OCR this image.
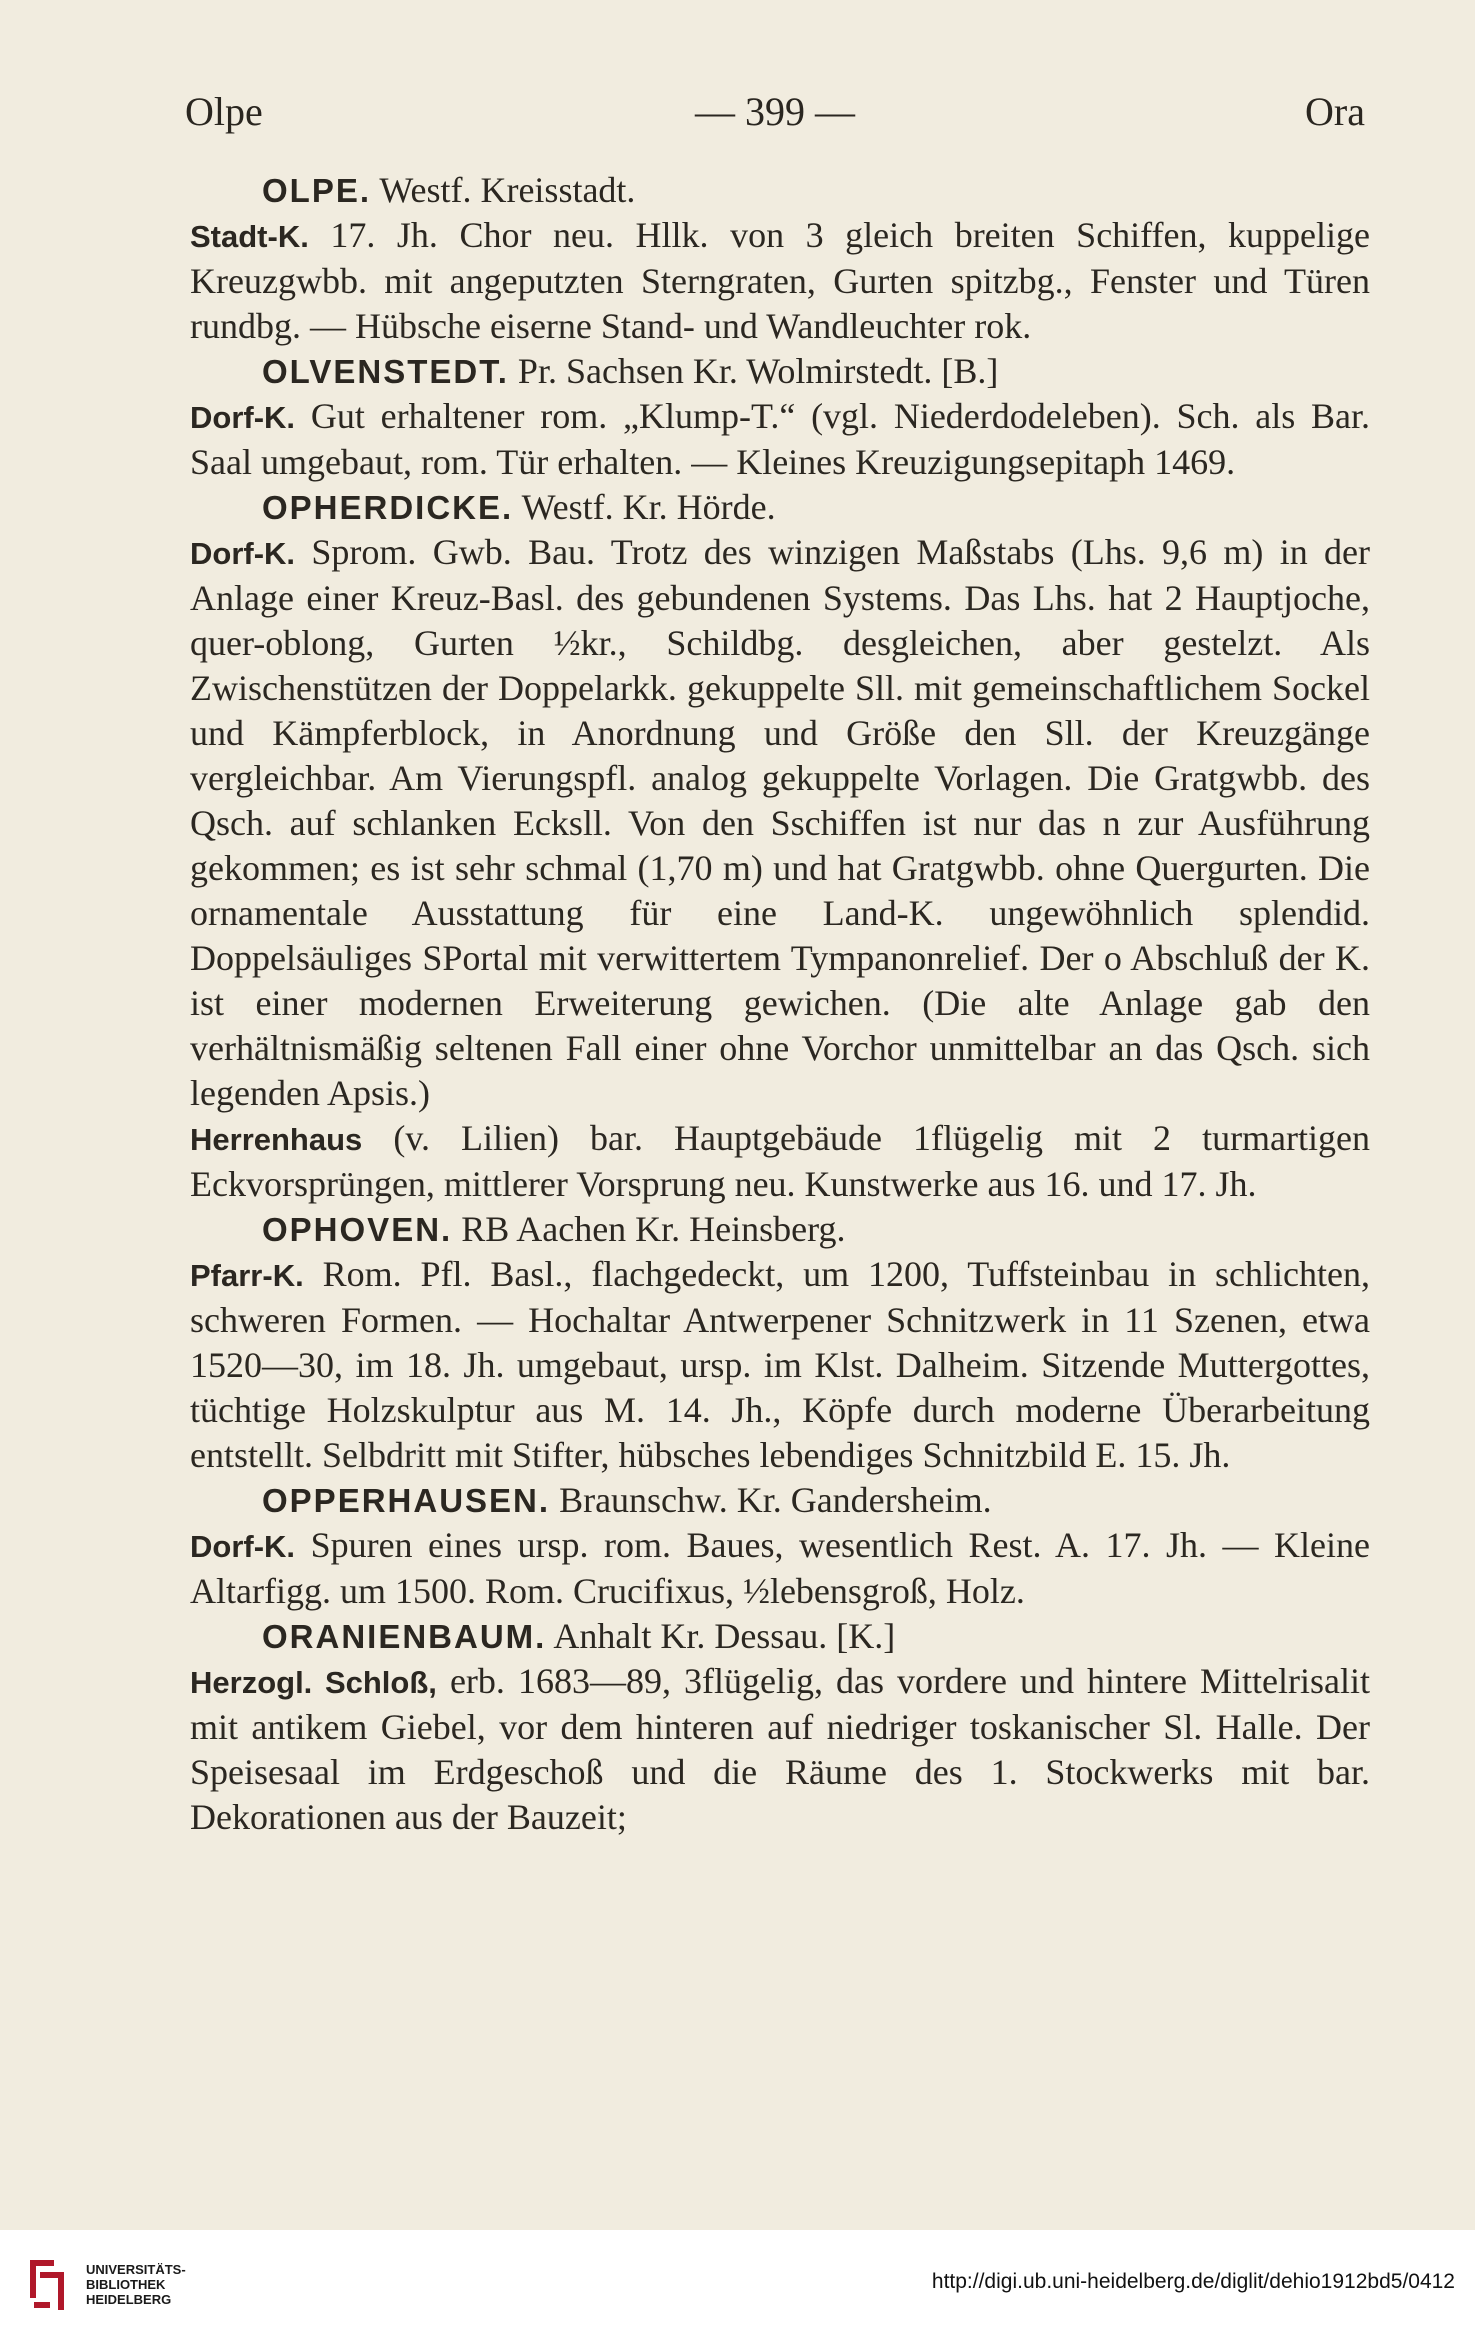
Olpe	— 399 —	Ora
OLPE. Westf. Kreisstadt.
Stadt-K. 17. Jh. Chor neu. Hllk. von 3 gleich breiten Schiffen, kuppelige Kreuzgwbb. mit angeputzten Sterngraten, Gurten spitzbg., Fenster und Türen rundbg. — Hübsche eiserne Stand- und Wandleuchter rok.
OLVENSTEDT. Pr. Sachsen Kr. Wolmirstedt. [B.]
Dorf-K. Gut erhaltener rom. „Klump-T.“ (vgl. Niederdodeleben). Sch. als Bar. Saal umgebaut, rom. Tür erhalten. — Kleines Kreuzigungsepitaph 1469.
OPHERDICKE. Westf. Kr. Hörde.
Dorf-K. Sprom. Gwb. Bau. Trotz des winzigen Maßstabs (Lhs. 9,6 m) in der Anlage einer Kreuz-Basl. des gebundenen Systems. Das Lhs. hat 2 Hauptjoche, quer-oblong, Gurten ½kr., Schildbg. desgleichen, aber gestelzt. Als Zwischenstützen der Doppelarkk. gekuppelte Sll. mit gemeinschaftlichem Sockel und Kämpferblock, in Anordnung und Größe den Sll. der Kreuzgänge vergleichbar. Am Vierungspfl. analog gekuppelte Vorlagen. Die Gratgwbb. des Qsch. auf schlanken Ecksll. Von den Sschiffen ist nur das n zur Ausführung gekommen; es ist sehr schmal (1,70 m) und hat Gratgwbb. ohne Quergurten. Die ornamentale Ausstattung für eine Land-K. ungewöhnlich splendid. Doppelsäuliges SPortal mit verwittertem Tympanonrelief. Der o Abschluß der K. ist einer modernen Erweiterung gewichen. (Die alte Anlage gab den verhältnismäßig seltenen Fall einer ohne Vorchor unmittelbar an das Qsch. sich legenden Apsis.)
Herrenhaus (v. Lilien) bar. Hauptgebäude 1flügelig mit 2 turmartigen Eckvorsprüngen, mittlerer Vorsprung neu. Kunstwerke aus 16. und 17. Jh.
OPHOVEN. RB Aachen Kr. Heinsberg.
Pfarr-K. Rom. Pfl. Basl., flachgedeckt, um 1200, Tuffsteinbau in schlichten, schweren Formen. — Hochaltar Antwerpener Schnitzwerk in 11 Szenen, etwa 1520—30, im 18. Jh. umgebaut, ursp. im Klst. Dalheim. Sitzende Muttergottes, tüchtige Holzskulptur aus M. 14. Jh., Köpfe durch moderne Überarbeitung entstellt. Selbdritt mit Stifter, hübsches lebendiges Schnitzbild E. 15. Jh.
OPPERHAUSEN. Braunschw. Kr. Gandersheim.
Dorf-K. Spuren eines ursp. rom. Baues, wesentlich Rest. A. 17. Jh. — Kleine Altarfigg. um 1500. Rom. Crucifixus, ½lebensgroß, Holz.
ORANIENBAUM. Anhalt Kr. Dessau. [K.]
Herzogl. Schloß, erb. 1683—89, 3flügelig, das vordere und hintere Mittelrisalit mit antikem Giebel, vor dem hinteren auf niedriger toskanischer Sl. Halle. Der Speisesaal im Erdgeschoß und die Räume des 1. Stockwerks mit bar. Dekorationen aus der Bauzeit;
UNIVERSITÄTS-
BIBLIOTHEK
HEIDELBERG
http://digi.ub.uni-heidelberg.de/diglit/dehio1912bd5/0412
